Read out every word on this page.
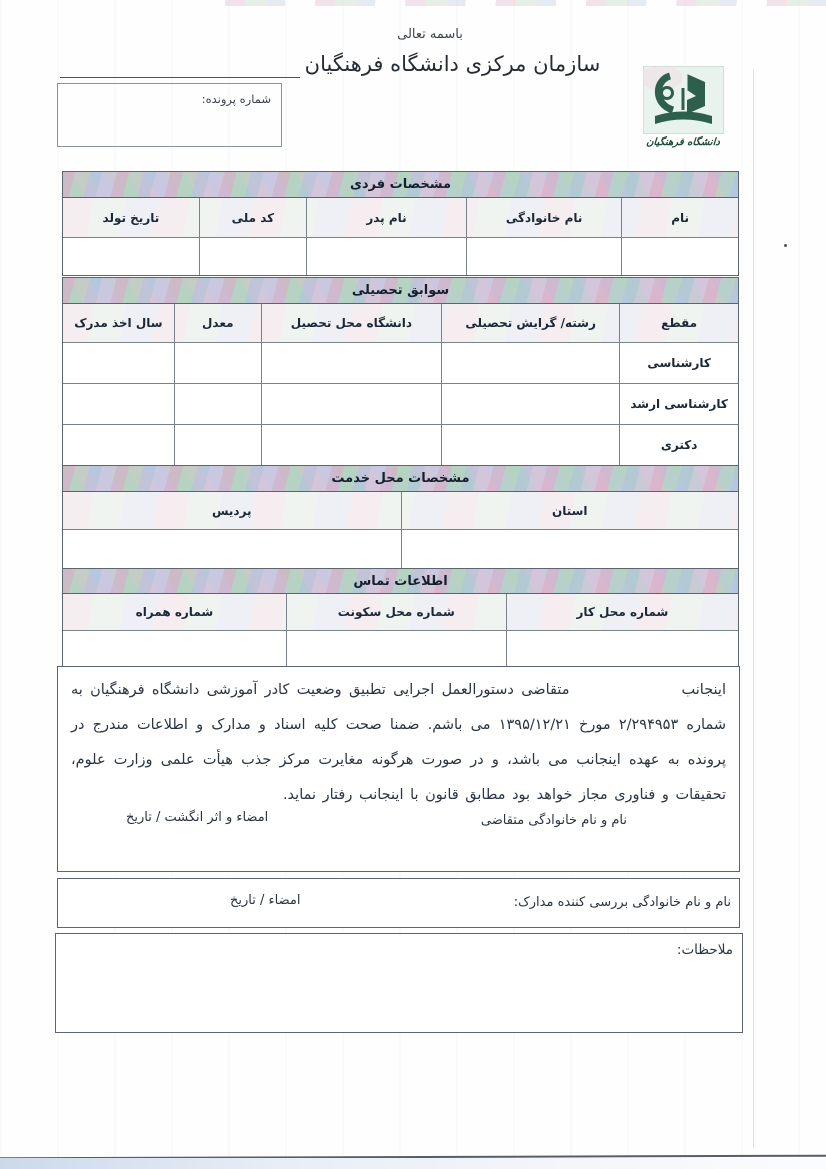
باسمه تعالی
سازمان مرکزی دانشگاه فرهنگیان
شماره پرونده:
دانشگاه فرهنگیان
مشخصات فردی
نام
نام خانوادگی
نام پدر
کد ملی
تاریخ تولد
سوابق تحصیلی
مقطع
رشته/ گرایش تحصیلی
دانشگاه محل تحصیل
معدل
سال اخذ مدرک
کارشناسی
کارشناسی ارشد
دکتری
مشخصات محل خدمت
استان
پردیس
اطلاعات تماس
شماره محل کار
شماره محل سکونت
شماره همراه

اینجانبمتقاضی دستورالعمل اجرایی تطبیق وضعیت کادر آموزشی دانشگاه فرهنگیان به شماره ۲/۲۹۴۹۵۳ مورخ ۱۳۹۵/۱۲/۲۱ می باشم. ضمنا صحت کلیه اسناد و مدارک و اطلاعات مندرج در پرونده به عهده اینجانب می باشد، و در صورت هرگونه مغایرت مرکز جذب هیأت علمی وزارت علوم، تحقیقات و فناوری مجاز خواهد بود مطابق قانون با اینجانب رفتار نماید.

نام و نام خانوادگی متقاضی
امضاء و اثر انگشت / تاریخ
نام و نام خانوادگی بررسی کننده مدارک:
امضاء / تاریخ
ملاحظات:
